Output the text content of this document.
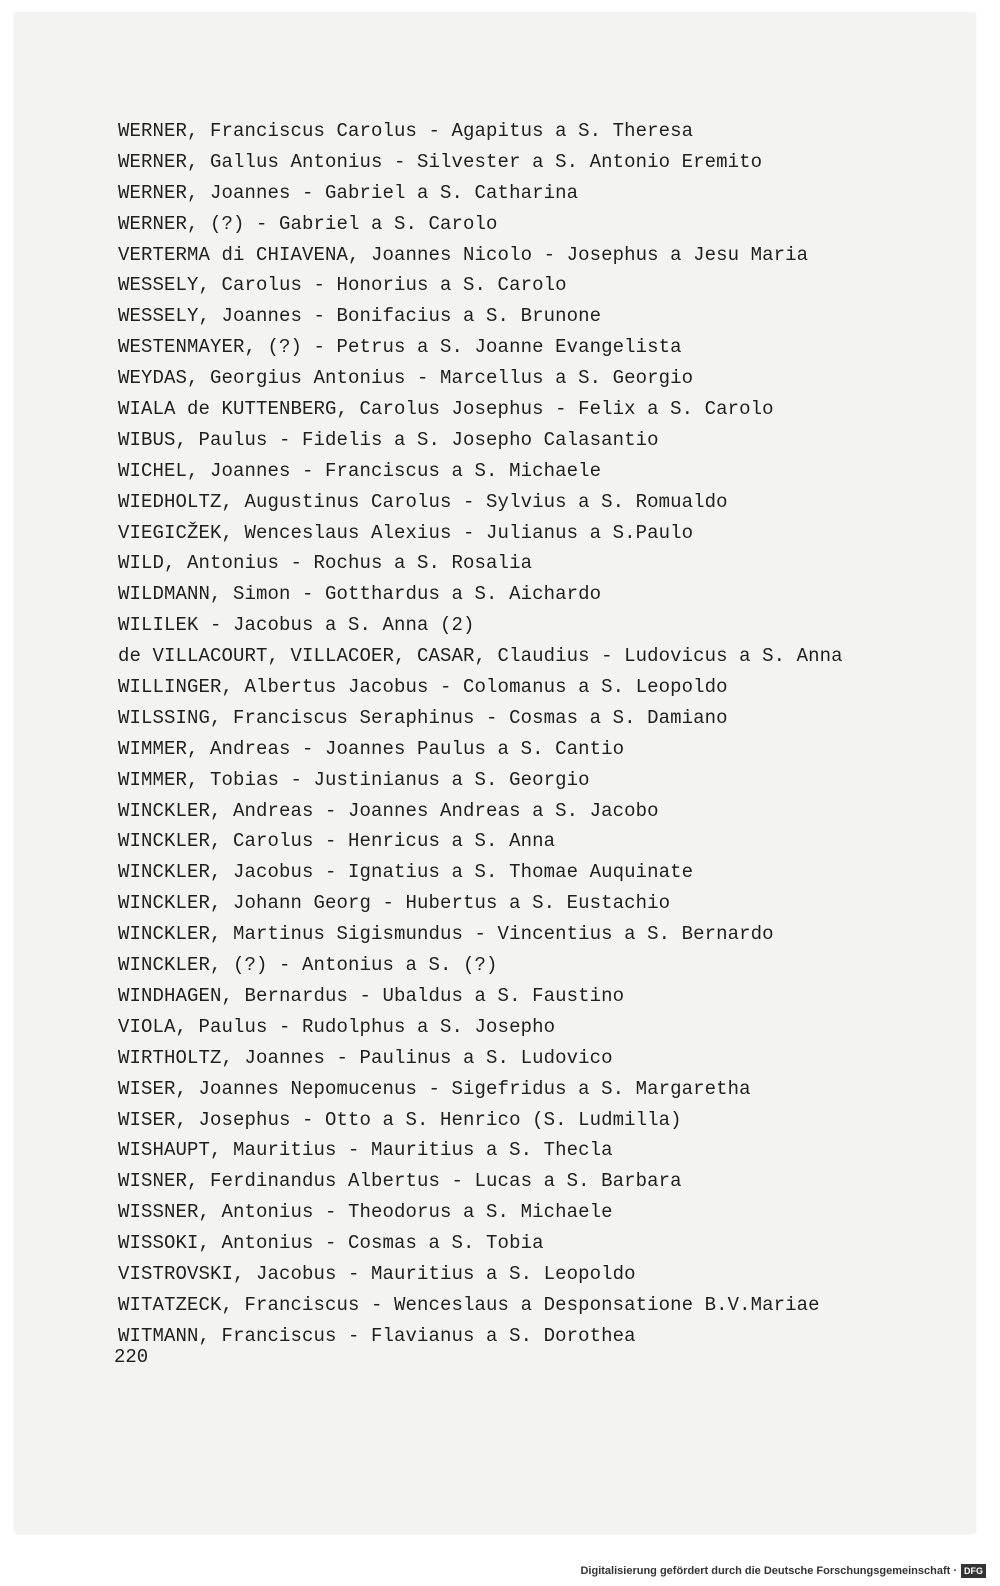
WERNER, Franciscus Carolus - Agapitus a S. Theresa
WERNER, Gallus Antonius - Silvester a S. Antonio Eremito
WERNER, Joannes - Gabriel a S. Catharina
WERNER, (?) - Gabriel a S. Carolo
VERTERMA di CHIAVENA, Joannes Nicolo - Josephus a Jesu Maria
WESSELY, Carolus - Honorius a S. Carolo
WESSELY, Joannes - Bonifacius a S. Brunone
WESTENMAYER, (?) - Petrus a S. Joanne Evangelista
WEYDAS, Georgius Antonius - Marcellus a S. Georgio
WIALA de KUTTENBERG, Carolus Josephus - Felix a S. Carolo
WIBUS, Paulus - Fidelis a S. Josepho Calasantio
WICHEL, Joannes - Franciscus a S. Michaele
WIEDHOLTZ, Augustinus Carolus - Sylvius a S. Romualdo
VIEGICŽEK, Wenceslaus Alexius - Julianus a S.Paulo
WILD, Antonius - Rochus a S. Rosalia
WILDMANN, Simon - Gotthardus a S. Aichardo
WILILEK - Jacobus a S. Anna (2)
de VILLACOURT, VILLACOER, CASAR, Claudius - Ludovicus a S. Anna
WILLINGER, Albertus Jacobus - Colomanus a S. Leopoldo
WILSSING, Franciscus Seraphinus - Cosmas a S. Damiano
WIMMER, Andreas - Joannes Paulus a S. Cantio
WIMMER, Tobias - Justinianus a S. Georgio
WINCKLER, Andreas - Joannes Andreas a S. Jacobo
WINCKLER, Carolus - Henricus a S. Anna
WINCKLER, Jacobus - Ignatius a S. Thomae Auquinate
WINCKLER, Johann Georg - Hubertus a S. Eustachio
WINCKLER, Martinus Sigismundus - Vincentius a S. Bernardo
WINCKLER, (?) - Antonius a S. (?)
WINDHAGEN, Bernardus - Ubaldus a S. Faustino
VIOLA, Paulus - Rudolphus a S. Josepho
WIRTHOLTZ, Joannes - Paulinus a S. Ludovico
WISER, Joannes Nepomucenus - Sigefridus a S. Margaretha
WISER, Josephus - Otto a S. Henrico (S. Ludmilla)
WISHAUPT, Mauritius - Mauritius a S. Thecla
WISNER, Ferdinandus Albertus - Lucas a S. Barbara
WISSNER, Antonius - Theodorus a S. Michaele
WISSOKI, Antonius - Cosmas a S. Tobia
VISTROVSKI, Jacobus - Mauritius a S. Leopoldo
WITATZECK, Franciscus - Wenceslaus a Desponsatione B.V.Mariae
WITMANN, Franciscus - Flavianus a S. Dorothea
220
Digitalisierung gefördert durch die Deutsche Forschungsgemeinschaft · DFG
